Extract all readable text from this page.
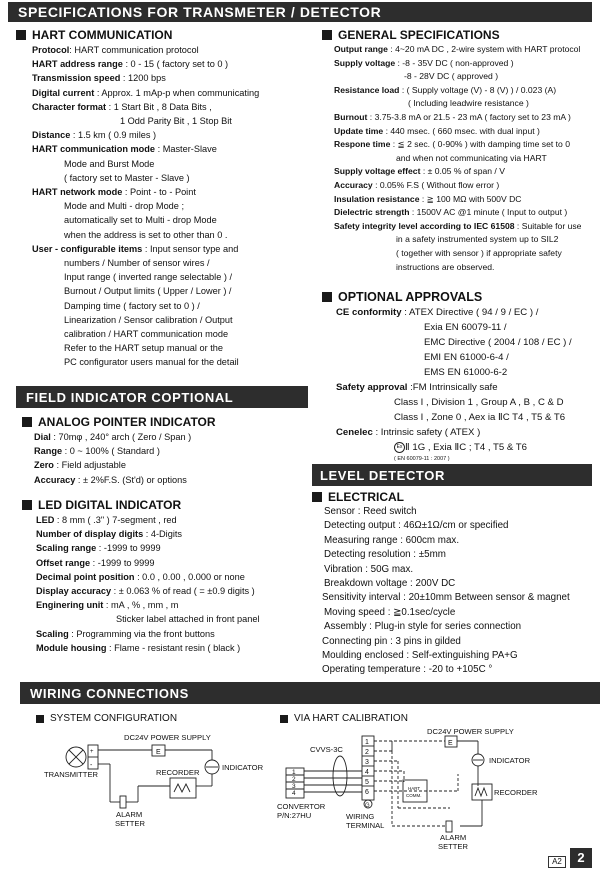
SPECIFICATIONS FOR TRANSMETER / DETECTOR
HART COMMUNICATION
Protocol: HART communication protocol
HART address range : 0 - 15 ( factory set to 0 )
Transmission speed : 1200 bps
Digital current : Approx. 1 mAp-p when communicating
Character format : 1 Start Bit , 8 Data Bits ,
1 Odd Parity Bit , 1 Stop Bit
Distance : 1.5 km ( 0.9 miles )
HART communication mode : Master-Slave
Mode and Burst Mode
( factory set to Master - Slave )
HART network mode : Point - to - Point
Mode and Multi - drop Mode ;
automatically set to Multi - drop Mode
when the address is set to other than 0 .
User - configurable items : Input sensor type and
numbers / Number of sensor wires /
Input range ( inverted range selectable ) /
Burnout / Output limits ( Upper / Lower ) /
Damping time ( factory set to 0 ) /
Linearization / Sensor calibration / Output
calibration / HART communication mode
Refer to the HART setup manual or the
PC configurator users manual for the detail
FIELD INDICATOR COPTIONAL
ANALOG POINTER INDICATOR
Dial : 70mφ , 240° arch ( Zero / Span )
Range : 0 ~ 100% ( Standard )
Zero : Field adjustable
Accuracy : ± 2%F.S. (St'd) or options
LED DIGITAL INDICATOR
LED : 8 mm ( .3" ) 7-segment , red
Number of display digits : 4-Digits
Scaling range : -1999 to 9999
Offset range : -1999 to 9999
Decimal point position : 0.0 , 0.00 , 0.000 or none
Display accuracy : ± 0.063 % of read ( = ±0.9 digits )
Enginering unit : mA , % , mm , m
Sticker label attached in front panel
Scaling : Programming via the front buttons
Module housing : Flame - resistant resin ( black )
GENERAL SPECIFICATIONS
Output range : 4~20 mA DC , 2-wire system with HART protocol
Supply voltage : -8 - 35V DC ( non-approved )
-8 - 28V DC ( approved )
Resistance load : ( Supply voltage (V) - 8 (V) ) / 0.023 (A)
( Including leadwire resistance )
Burnout : 3.75-3.8 mA or 21.5 - 23 mA ( factory set to 23 mA )
Update time : 440 msec. ( 660 msec. with dual input )
Respone time : ≦ 2 sec. ( 0-90% ) with damping time set to 0
and when not communicating via HART
Supply voltage effect : ± 0.05 % of span / V
Accuracy : 0.05% F.S ( Without flow error )
Insulation resistance : ≧ 100 MΩ with 500V DC
Dielectric strength : 1500V AC @1 minute ( Input to output )
Safety integrity level according to IEC 61508 : Suitable for use
in a safety instrumented system up to SIL2
( together with sensor ) if appropriate safety
instructions are observed.
OPTIONAL APPROVALS
CE conformity : ATEX Directive ( 94 / 9 / EC ) /
Exia EN 60079-11 /
EMC Directive ( 2004 / 108 / EC ) /
EMI EN 61000-6-4 /
EMS EN 61000-6-2
Safety approval :FM Intrinsically safe
Class I , Division 1 , Group A , B , C & D
Class I , Zone 0 , Aex ia ⅡC T4 , T5 & T6
Cenelec : Intrinsic safety ( ATEX )
Ex Ⅱ 1G , Exia ⅡC ; T4 , T5 & T6
( EN 60079-11 : 2007 )
LEVEL DETECTOR
ELECTRICAL
Sensor : Reed switch
Detecting output : 46Ω±1Ω/cm or specified
Measuring range : 600cm max.
Detecting resolution : ±5mm
Vibration : 50G max.
Breakdown voltage : 200V DC
Sensitivity interval : 20±10mm Between sensor & magnet
Moving speed : ≧0.1sec/cycle
Assembly : Plug-in style for series connection
Connecting pin : 3 pins in gilded
Moulding enclosed : Self-extinguishing PA+G
Operating temperature : -20 to +105C °
WIRING CONNECTIONS
SYSTEM CONFIGURATION	VIA HART CALIBRATION
DC24V POWER SUPPLY
E
+
-
TRANSMITTER	RECORDER
INDICATOR
ALARM
SETTER
CVVS-3C
CONVERTOR
P/N:27HU	WIRING
TERMINAL
HART
COMM.
DC24V POWER SUPPLY
E
INDICATOR
RECORDER
ALARM
SETTER
G
1
2
3
4
5
6
1
2
3
4
A2	2
